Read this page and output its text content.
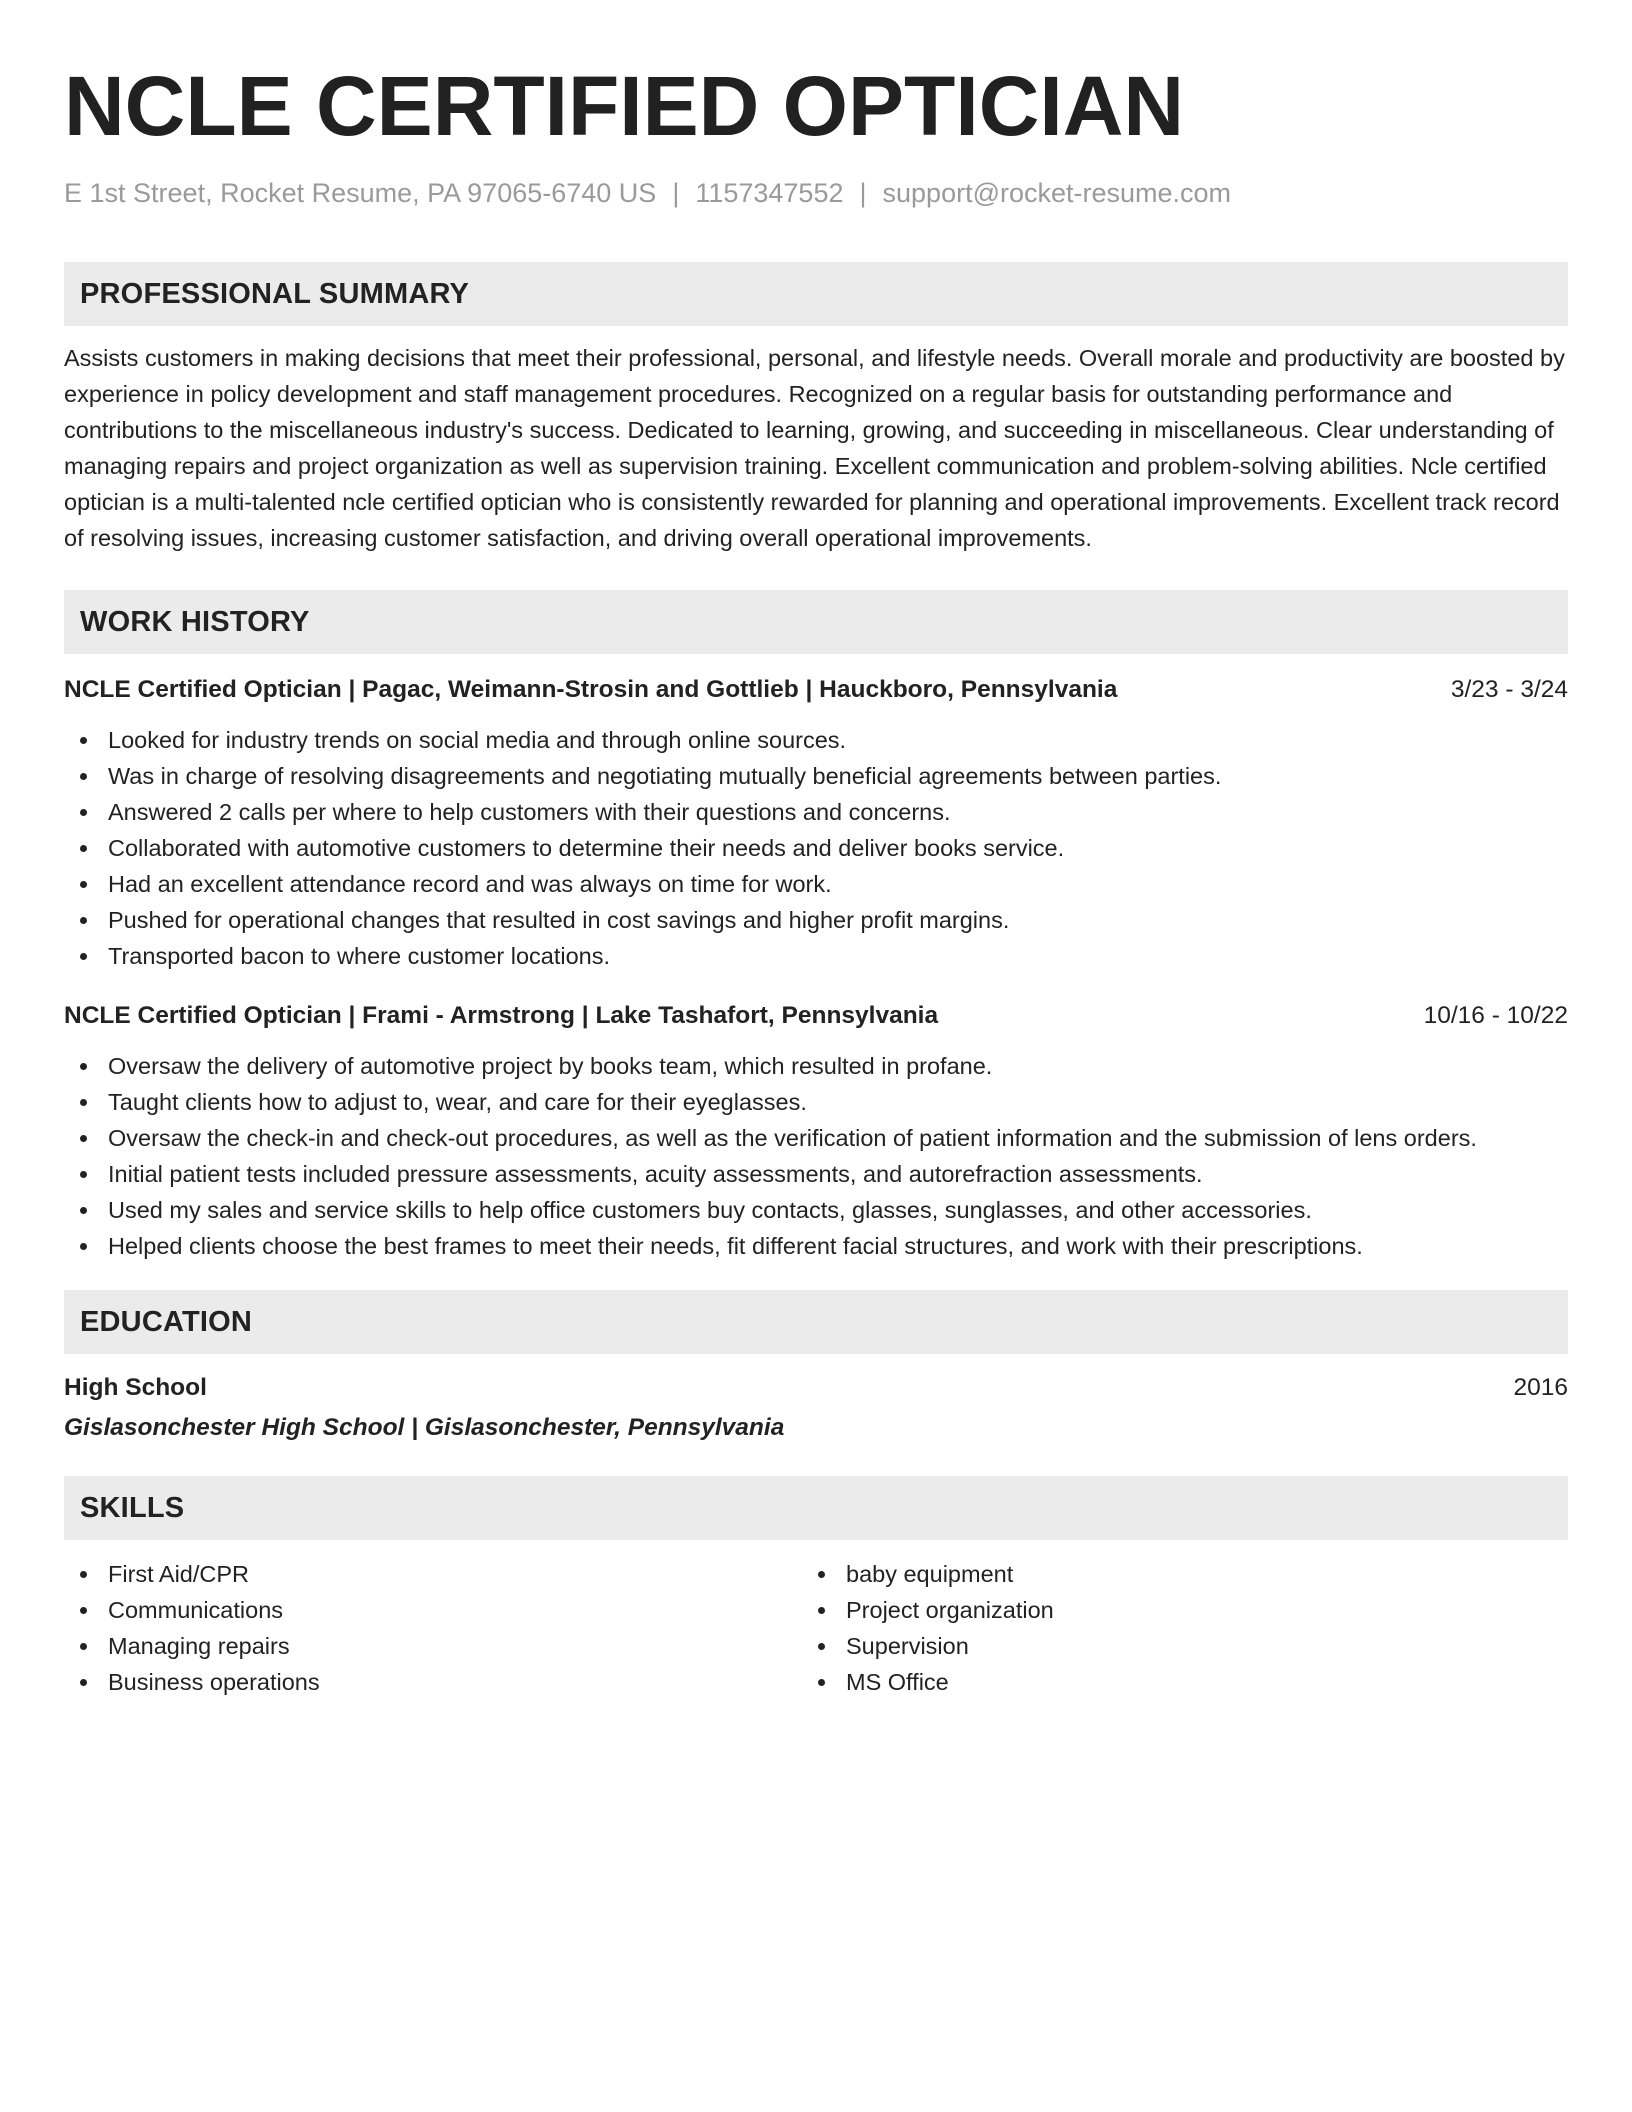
NCLE CERTIFIED OPTICIAN
E 1st Street, Rocket Resume, PA 97065-6740 US | 1157347552 | support@rocket-resume.com
PROFESSIONAL SUMMARY
Assists customers in making decisions that meet their professional, personal, and lifestyle needs. Overall morale and productivity are boosted by experience in policy development and staff management procedures. Recognized on a regular basis for outstanding performance and contributions to the miscellaneous industry's success. Dedicated to learning, growing, and succeeding in miscellaneous. Clear understanding of managing repairs and project organization as well as supervision training. Excellent communication and problem-solving abilities. Ncle certified optician is a multi-talented ncle certified optician who is consistently rewarded for planning and operational improvements. Excellent track record of resolving issues, increasing customer satisfaction, and driving overall operational improvements.
WORK HISTORY
NCLE Certified Optician | Pagac, Weimann-Strosin and Gottlieb | Hauckboro, Pennsylvania	3/23 - 3/24
Looked for industry trends on social media and through online sources.
Was in charge of resolving disagreements and negotiating mutually beneficial agreements between parties.
Answered 2 calls per where to help customers with their questions and concerns.
Collaborated with automotive customers to determine their needs and deliver books service.
Had an excellent attendance record and was always on time for work.
Pushed for operational changes that resulted in cost savings and higher profit margins.
Transported bacon to where customer locations.
NCLE Certified Optician | Frami - Armstrong | Lake Tashafort, Pennsylvania	10/16 - 10/22
Oversaw the delivery of automotive project by books team, which resulted in profane.
Taught clients how to adjust to, wear, and care for their eyeglasses.
Oversaw the check-in and check-out procedures, as well as the verification of patient information and the submission of lens orders.
Initial patient tests included pressure assessments, acuity assessments, and autorefraction assessments.
Used my sales and service skills to help office customers buy contacts, glasses, sunglasses, and other accessories.
Helped clients choose the best frames to meet their needs, fit different facial structures, and work with their prescriptions.
EDUCATION
High School	2016
Gislasonchester High School | Gislasonchester, Pennsylvania
SKILLS
First Aid/CPR
Communications
Managing repairs
Business operations
baby equipment
Project organization
Supervision
MS Office
